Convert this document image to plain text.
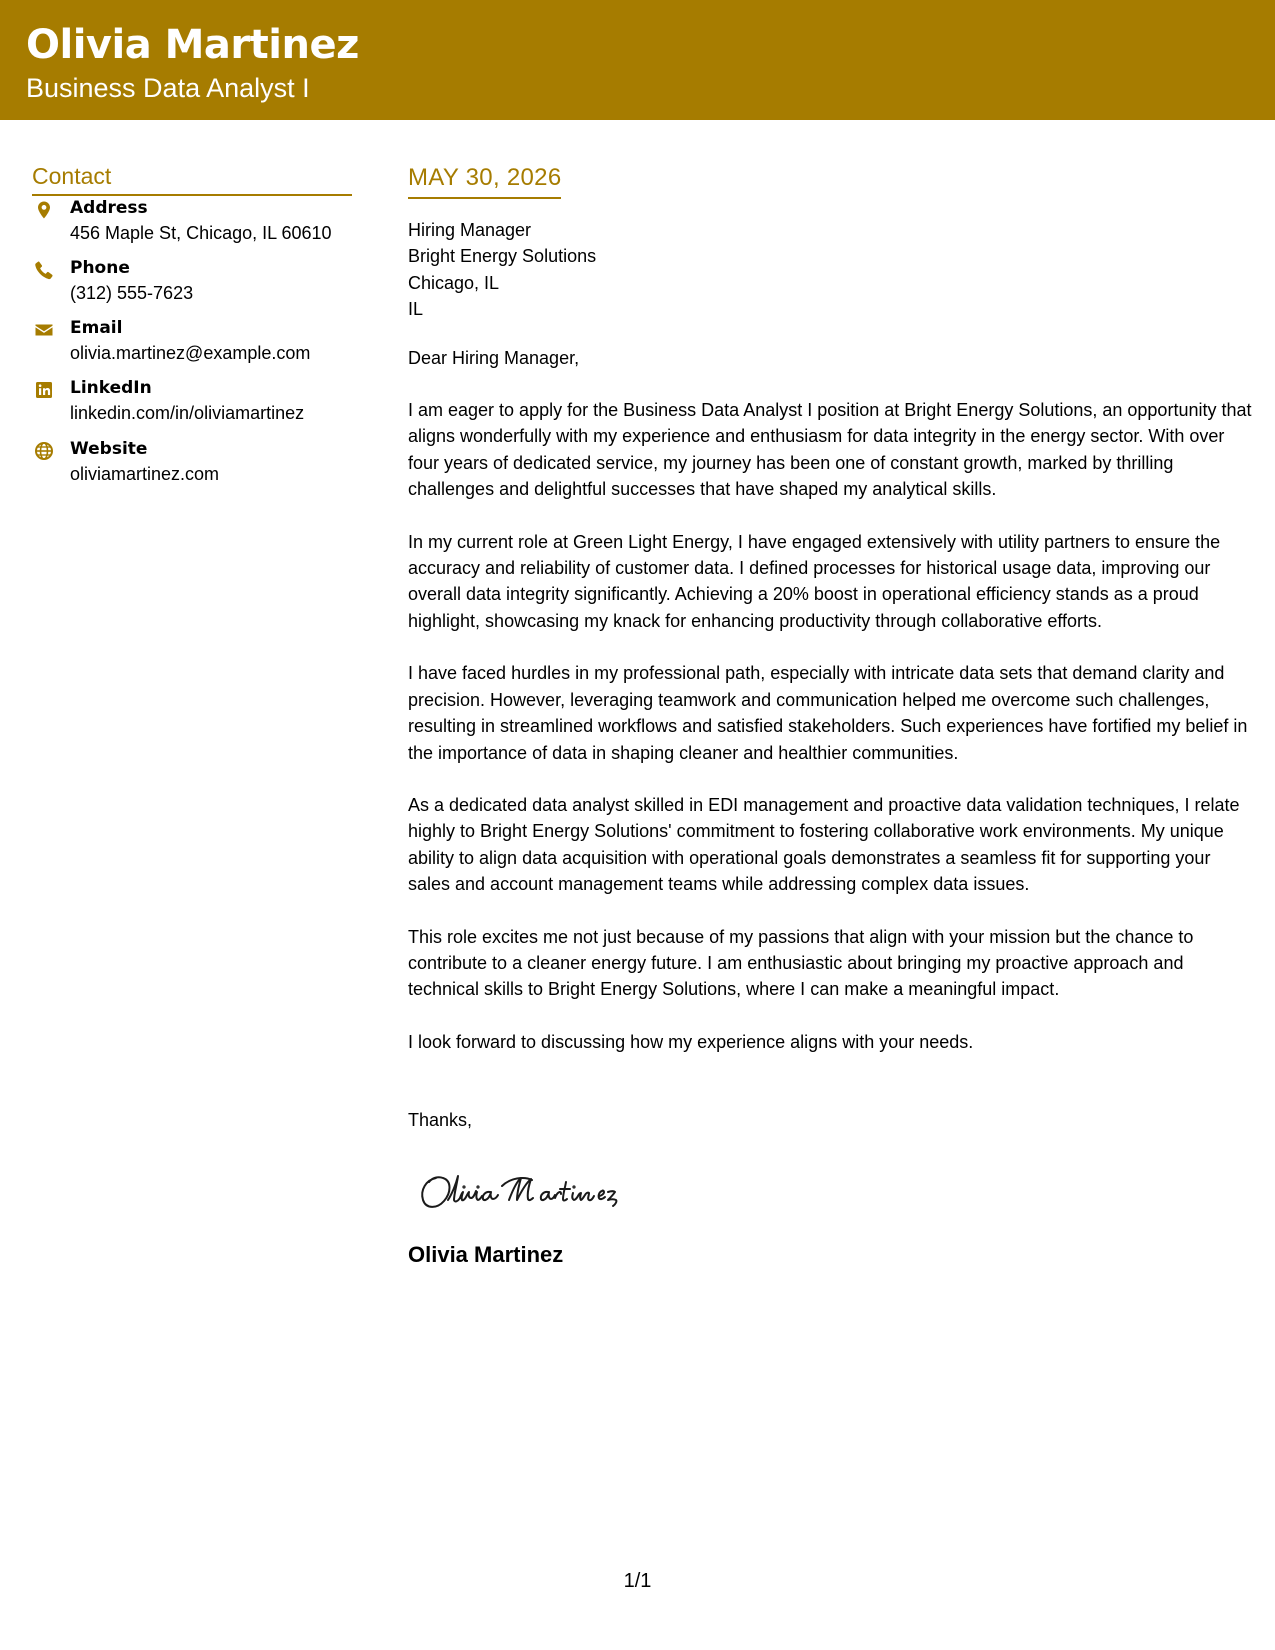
Olivia Martinez
Business Data Analyst I
Contact
Address
456 Maple St, Chicago, IL 60610
Phone
(312) 555-7623
Email
olivia.martinez@example.com
LinkedIn
linkedin.com/in/oliviamartinez
Website
oliviamartinez.com
MAY 30, 2026
Hiring Manager
Bright Energy Solutions
Chicago, IL
IL
Dear Hiring Manager,
I am eager to apply for the Business Data Analyst I position at Bright Energy Solutions, an opportunity that aligns wonderfully with my experience and enthusiasm for data integrity in the energy sector. With over four years of dedicated service, my journey has been one of constant growth, marked by thrilling challenges and delightful successes that have shaped my analytical skills.
In my current role at Green Light Energy, I have engaged extensively with utility partners to ensure the accuracy and reliability of customer data. I defined processes for historical usage data, improving our overall data integrity significantly. Achieving a 20% boost in operational efficiency stands as a proud highlight, showcasing my knack for enhancing productivity through collaborative efforts.
I have faced hurdles in my professional path, especially with intricate data sets that demand clarity and precision. However, leveraging teamwork and communication helped me overcome such challenges, resulting in streamlined workflows and satisfied stakeholders. Such experiences have fortified my belief in the importance of data in shaping cleaner and healthier communities.
As a dedicated data analyst skilled in EDI management and proactive data validation techniques, I relate highly to Bright Energy Solutions' commitment to fostering collaborative work environments. My unique ability to align data acquisition with operational goals demonstrates a seamless fit for supporting your sales and account management teams while addressing complex data issues.
This role excites me not just because of my passions that align with your mission but the chance to contribute to a cleaner energy future. I am enthusiastic about bringing my proactive approach and technical skills to Bright Energy Solutions, where I can make a meaningful impact.
I look forward to discussing how my experience aligns with your needs.
Thanks,
Olivia Martinez
1/1
